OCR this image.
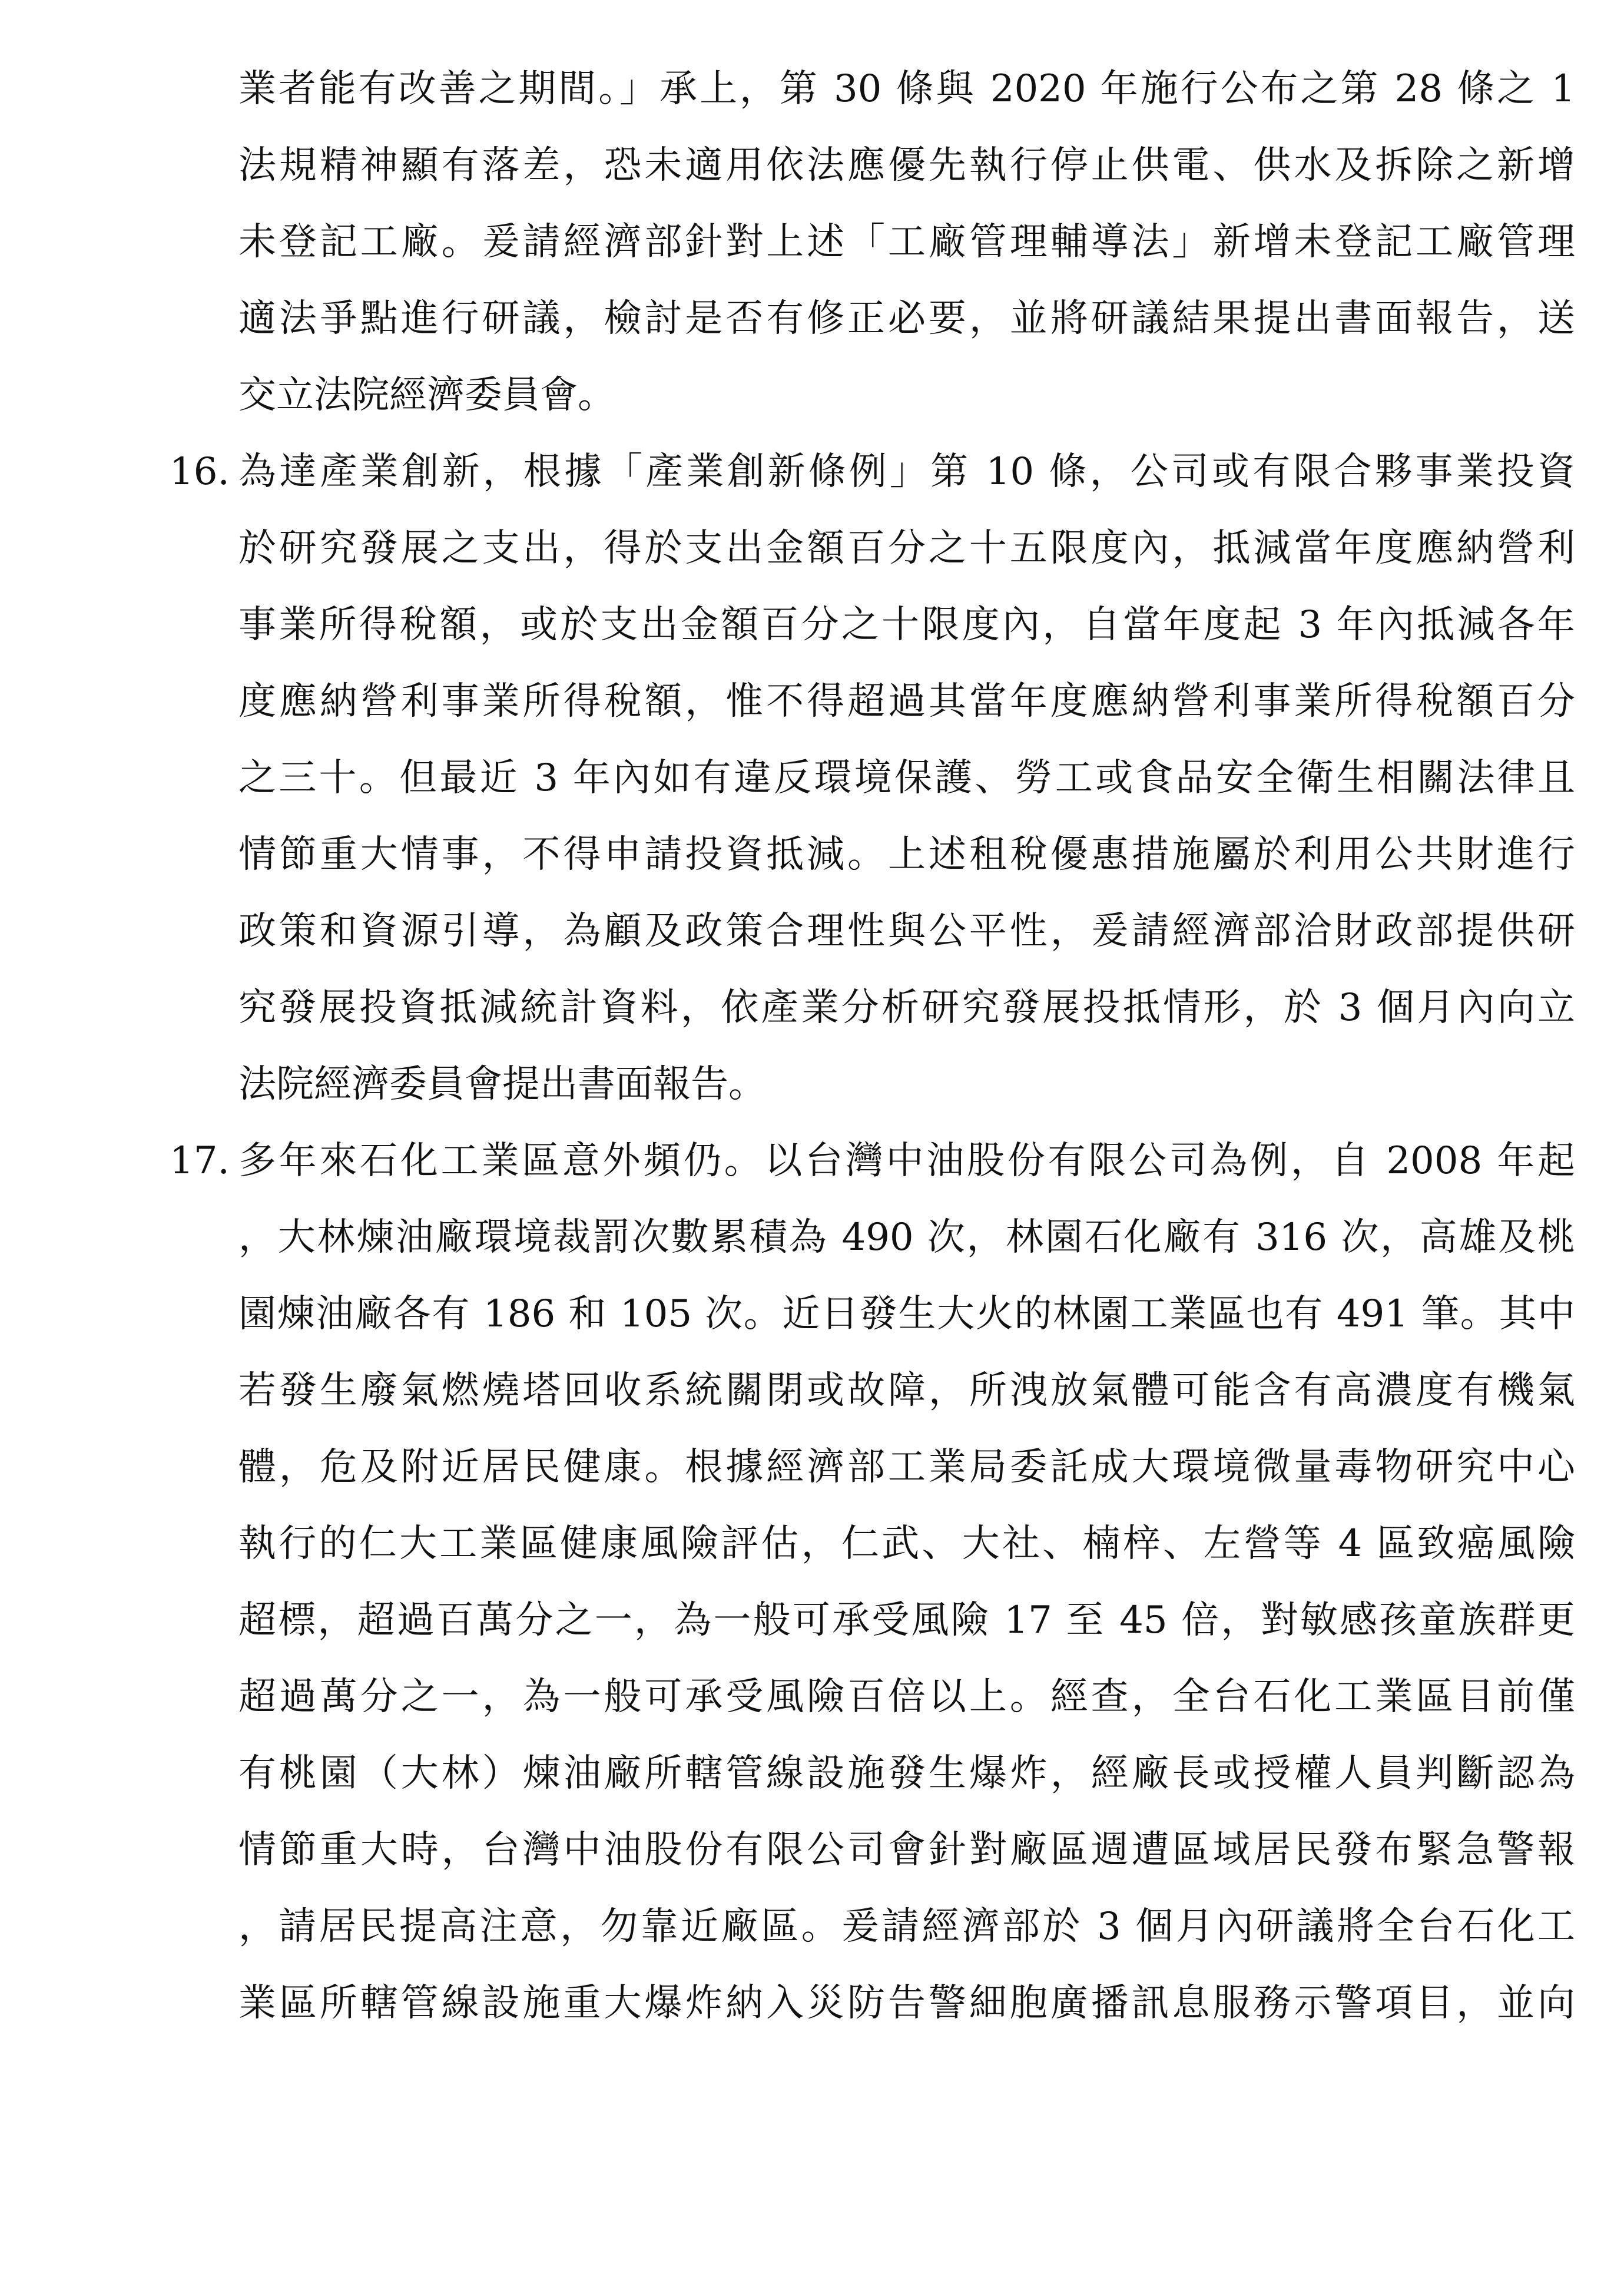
業者能有改善之期間。」承上，第 30 條與 2020 年施行公布之第 28 條之 1
法規精神顯有落差，恐未適用依法應優先執行停止供電、供水及拆除之新增
未登記工廠。爰請經濟部針對上述「工廠管理輔導法」新增未登記工廠管理
適法爭點進行研議，檢討是否有修正必要，並將研議結果提出書面報告，送
交立法院經濟委員會。
16. 為達產業創新，根據「產業創新條例」第 10 條，公司或有限合夥事業投資
於研究發展之支出，得於支出金額百分之十五限度內，抵減當年度應納營利
事業所得稅額，或於支出金額百分之十限度內，自當年度起 3 年內抵減各年
度應納營利事業所得稅額，惟不得超過其當年度應納營利事業所得稅額百分
之三十。但最近 3 年內如有違反環境保護、勞工或食品安全衛生相關法律且
情節重大情事，不得申請投資抵減。上述租稅優惠措施屬於利用公共財進行
政策和資源引導，為顧及政策合理性與公平性，爰請經濟部洽財政部提供研
究發展投資抵減統計資料，依產業分析研究發展投抵情形，於 3 個月內向立
法院經濟委員會提出書面報告。
17. 多年來石化工業區意外頻仍。以台灣中油股份有限公司為例，自 2008 年起
，大林煉油廠環境裁罰次數累積為 490 次，林園石化廠有 316 次，高雄及桃
園煉油廠各有 186 和 105 次。近日發生大火的林園工業區也有 491 筆。其中
若發生廢氣燃燒塔回收系統關閉或故障，所洩放氣體可能含有高濃度有機氣
體，危及附近居民健康。根據經濟部工業局委託成大環境微量毒物研究中心
執行的仁大工業區健康風險評估，仁武、大社、楠梓、左營等 4 區致癌風險
超標，超過百萬分之一，為一般可承受風險 17 至 45 倍，對敏感孩童族群更
超過萬分之一，為一般可承受風險百倍以上。經查，全台石化工業區目前僅
有桃園（大林）煉油廠所轄管線設施發生爆炸，經廠長或授權人員判斷認為
情節重大時，台灣中油股份有限公司會針對廠區週遭區域居民發布緊急警報
，請居民提高注意，勿靠近廠區。爰請經濟部於 3 個月內研議將全台石化工
業區所轄管線設施重大爆炸納入災防告警細胞廣播訊息服務示警項目，並向
